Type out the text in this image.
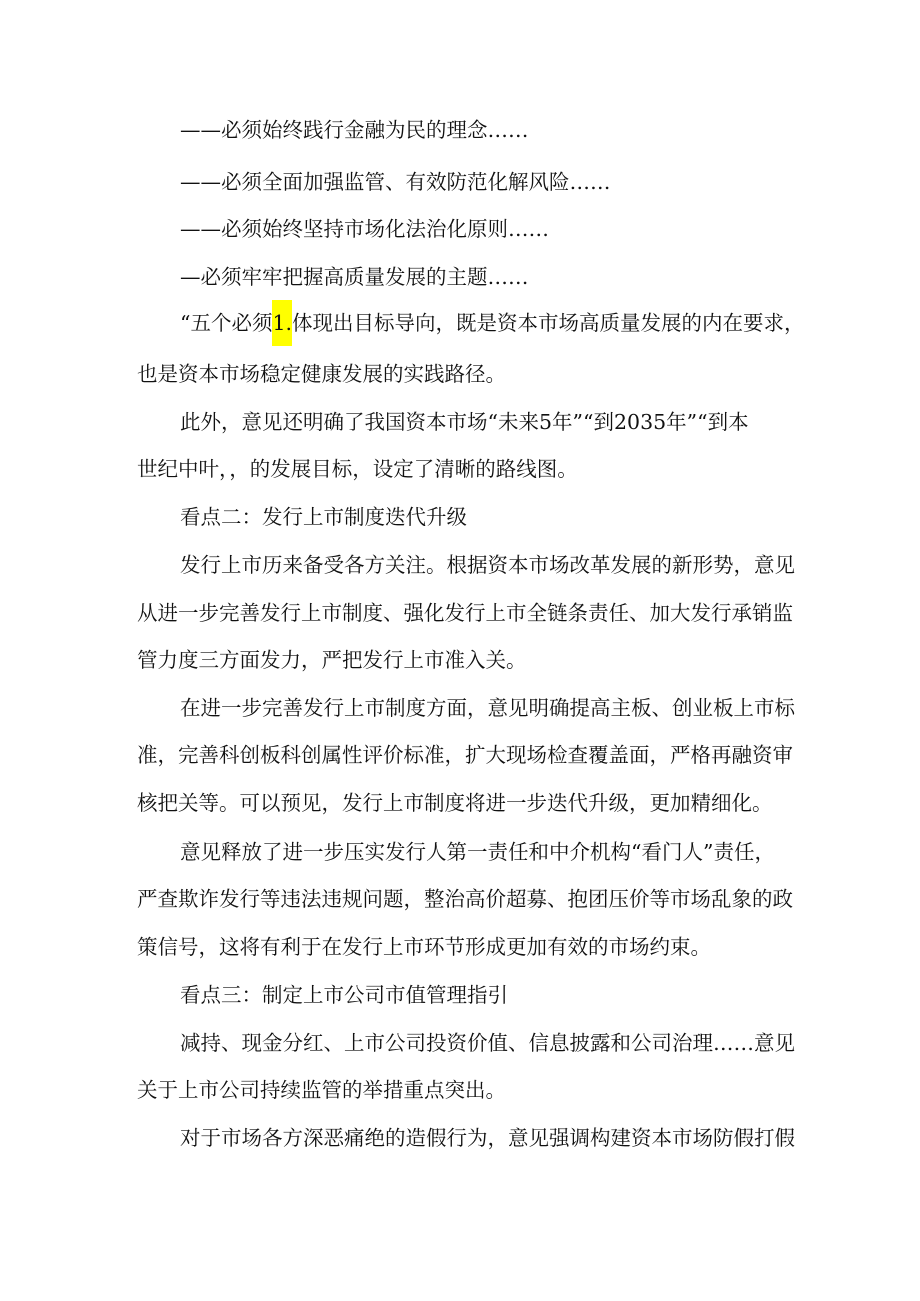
——必须始终践行金融为民的理念……

——必须全面加强监管、有效防范化解风险……

——必须始终坚持市场化法治化原则……

—必须牢牢把握高质量发展的主题……

“五个必须1.体现出目标导向，既是资本市场高质量发展的内在要求，

也是资本市场稳定健康发展的实践路径。

此外，意见还明确了我国资本市场“未来5年”“到2035年”“到本

世纪中叶，，的发展目标，设定了清晰的路线图。

看点二：发行上市制度迭代升级

发行上市历来备受各方关注。根据资本市场改革发展的新形势，意见

从进一步完善发行上市制度、强化发行上市全链条责任、加大发行承销监

管力度三方面发力，严把发行上市准入关。

在进一步完善发行上市制度方面，意见明确提高主板、创业板上市标

准，完善科创板科创属性评价标准，扩大现场检查覆盖面，严格再融资审

核把关等。可以预见，发行上市制度将进一步迭代升级，更加精细化。

意见释放了进一步压实发行人第一责任和中介机构“看门人”责任，

严查欺诈发行等违法违规问题，整治高价超募、抱团压价等市场乱象的政

策信号，这将有利于在发行上市环节形成更加有效的市场约束。

看点三：制定上市公司市值管理指引

减持、现金分红、上市公司投资价值、信息披露和公司治理……意见

关于上市公司持续监管的举措重点突出。

对于市场各方深恶痛绝的造假行为，意见强调构建资本市场防假打假
